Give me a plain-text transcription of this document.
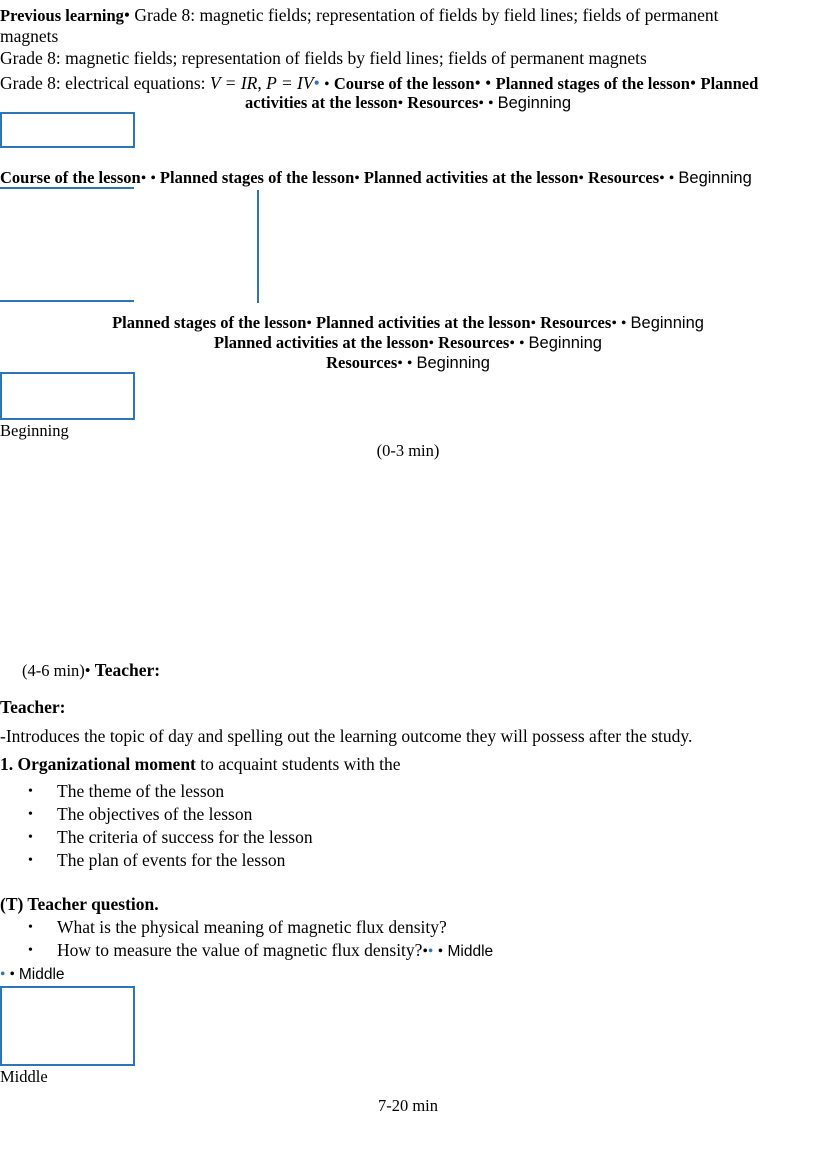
Previous learning• Grade 8: magnetic fields; representation of fields by field lines; fields of permanent
magnets
Grade 8: magnetic fields; representation of fields by field lines; fields of permanent magnets
Grade 8: electrical equations: V = IR, P = IV• • Course of the lesson• • Planned stages of the lesson• Planned
activities at the lesson• Resources• • Beginning
Course of the lesson• • Planned stages of the lesson• Planned activities at the lesson• Resources• • Beginning
Planned stages of the lesson• Planned activities at the lesson• Resources• • Beginning
Planned activities at the lesson• Resources• • Beginning
Resources• • Beginning
Beginning
(0-3 min)
(4-6 min)• Teacher:
Teacher:
-Introduces the topic of day and spelling out the learning outcome they will possess after the study.
1. Organizational moment to acquaint students with the
• The theme of the lesson
• The objectives of the lesson
• The criteria of success for the lesson
• The plan of events for the lesson
(T) Teacher question.
• What is the physical meaning of magnetic flux density?
• How to measure the value of magnetic flux density?•• • Middle
• • Middle
Middle
7-20 min
